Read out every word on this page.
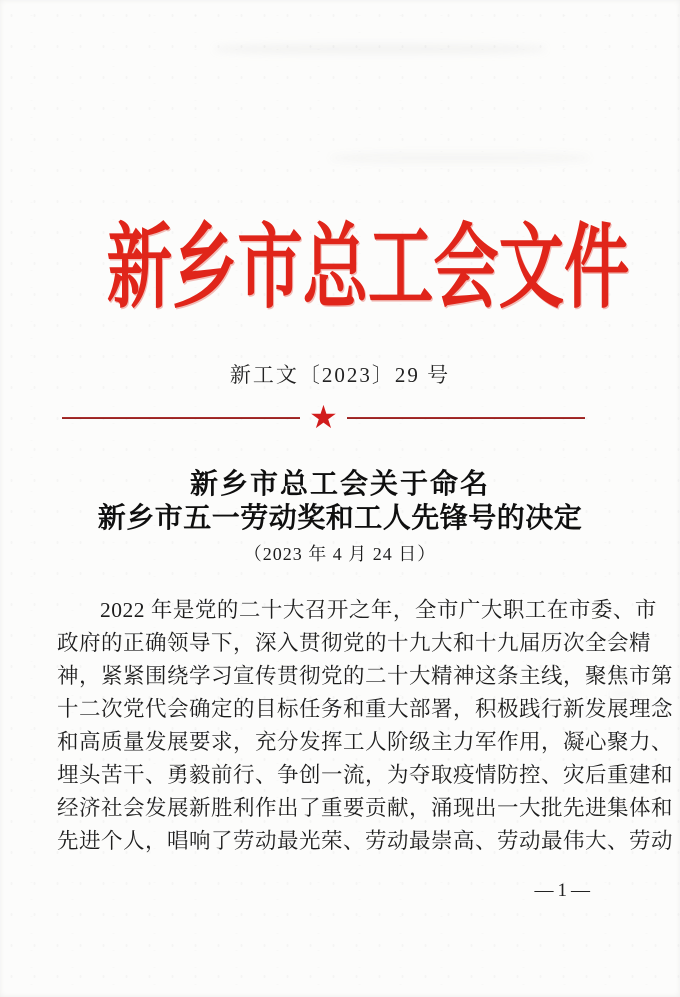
新乡市总工会文件
新工文〔2023〕29 号
★
新乡市总工会关于命名
新乡市五一劳动奖和工人先锋号的决定
（2023 年 4 月 24 日）

2022 年是党的二十大召开之年，全市广大职工在市委、市

政府的正确领导下，深入贯彻党的十九大和十九届历次全会精

神，紧紧围绕学习宣传贯彻党的二十大精神这条主线，聚焦市第

十二次党代会确定的目标任务和重大部署，积极践行新发展理念

和高质量发展要求，充分发挥工人阶级主力军作用，凝心聚力、

埋头苦干、勇毅前行、争创一流，为夺取疫情防控、灾后重建和

经济社会发展新胜利作出了重要贡献，涌现出一大批先进集体和

先进个人，唱响了劳动最光荣、劳动最崇高、劳动最伟大、劳动

—1—
